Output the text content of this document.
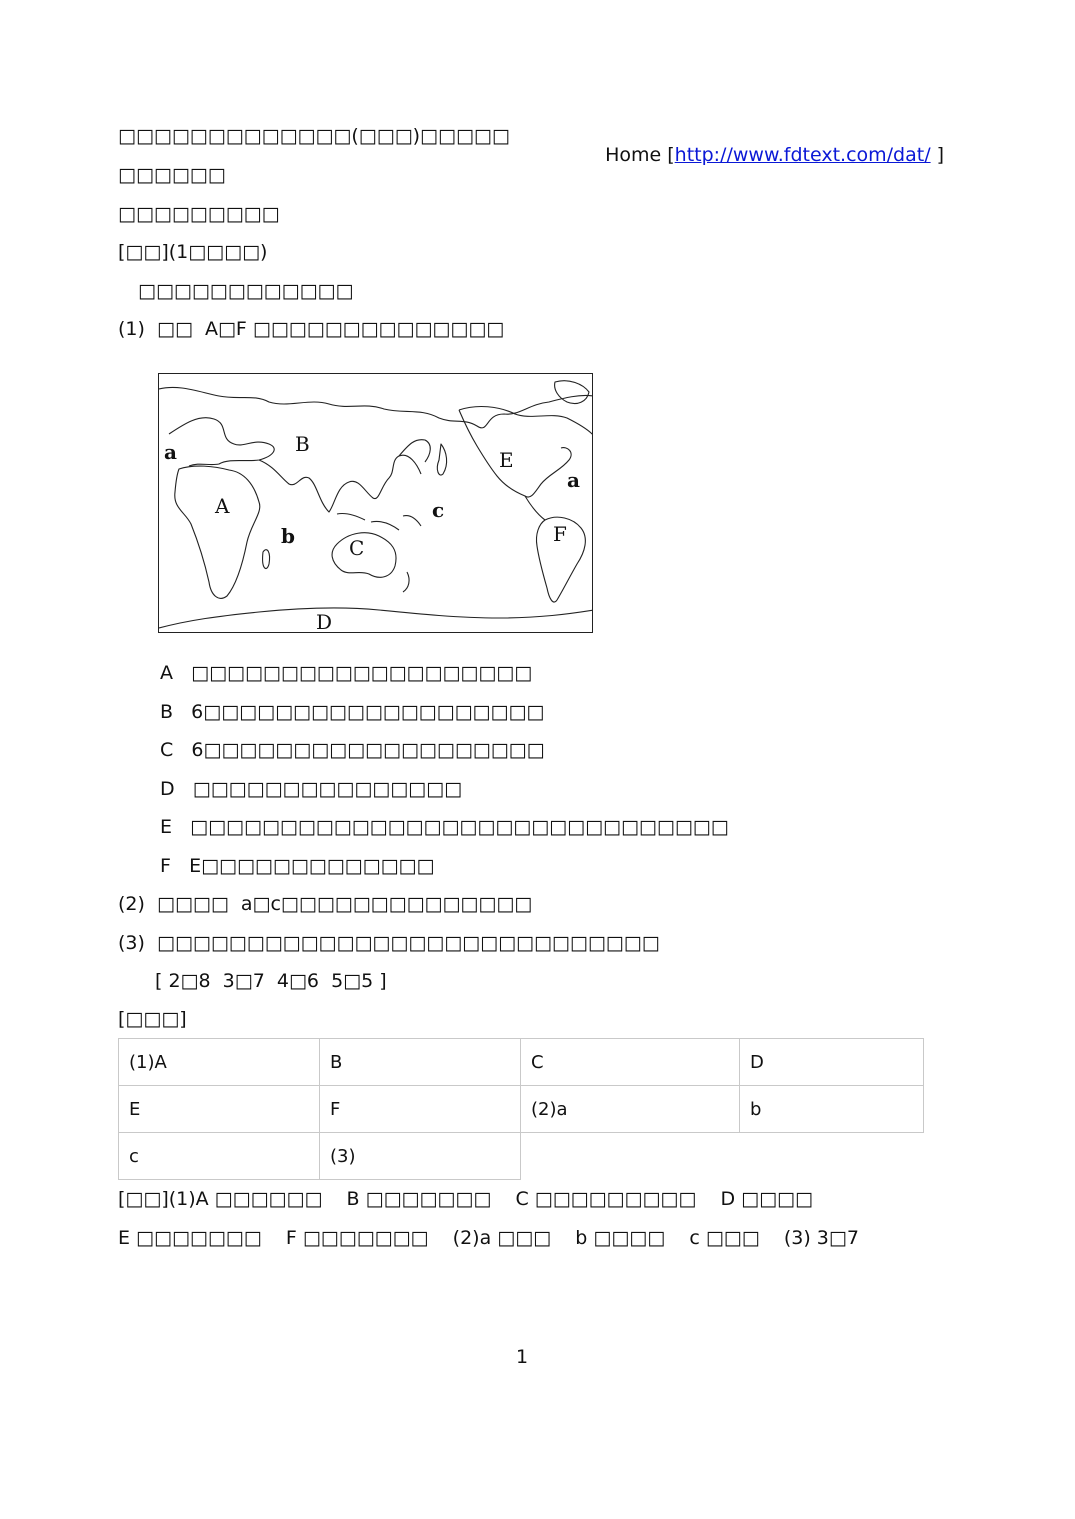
□□□□□□□□□□□□□(□□□)□□□□□

Home [http://www.fdtext.com/dat/ ]

□□□□□□
□□□□□□□□□
[□□](1□□□□)
□□□□□□□□□□□□
(1)  □□  A□F □□□□□□□□□□□□□□
a	B
E
a
A	c
b	C
F
D
A □□□□□□□□□□□□□□□□□□□
B 6□□□□□□□□□□□□□□□□□□□
C 6□□□□□□□□□□□□□□□□□□□
D □□□□□□□□□□□□□□□
E □□□□□□□□□□□□□□□□□□□□□□□□□□□□□□
F E□□□□□□□□□□□□□
(2)  □□□□  a□c□□□□□□□□□□□□□□
(3)  □□□□□□□□□□□□□□□□□□□□□□□□□□□□
[ 2□8  3□7  4□6  5□5 ]
[□□□]
(1)A	B	C	D
E	F	(2)a	b
c	(3)		
[□□](1)A □□□□□□    B □□□□□□□    C □□□□□□□□□    D □□□□
E □□□□□□□    F □□□□□□□    (2)a □□□    b □□□□    c □□□    (3) 3□7
1
